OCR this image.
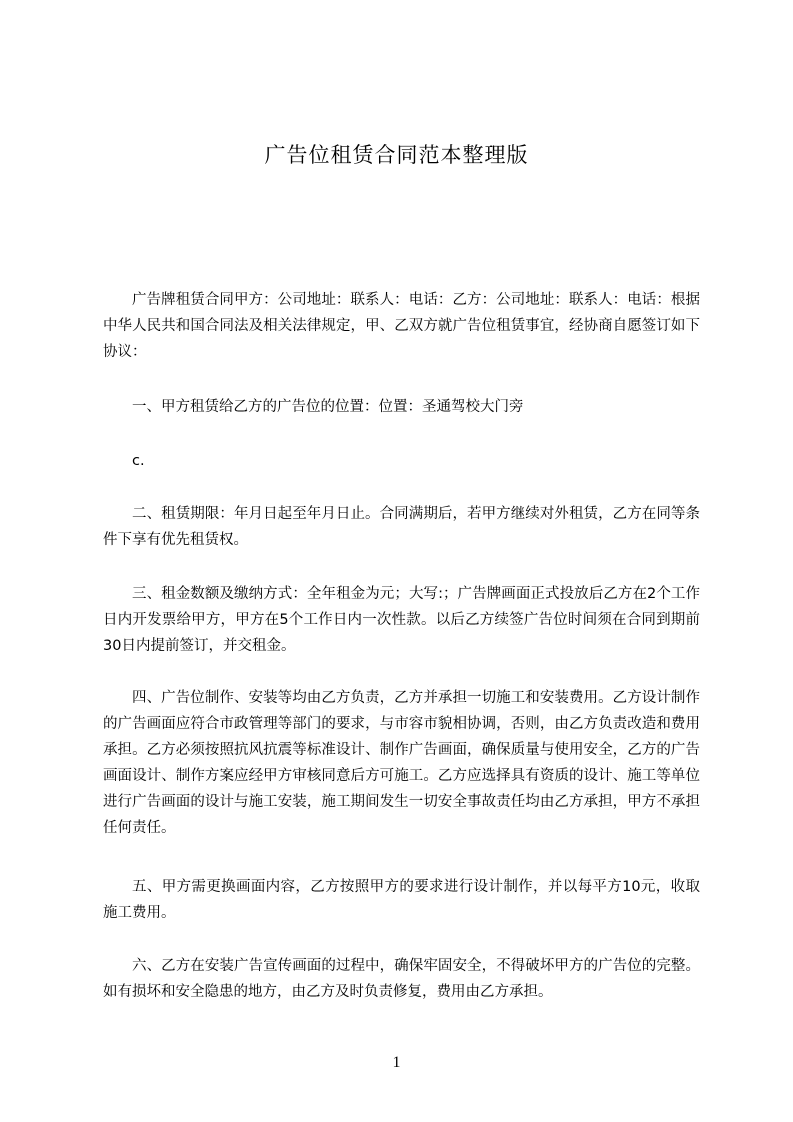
广告位租赁合同范本整理版

广告牌租赁合同甲方：公司地址：联系人：电话：乙方：公司地址：联系人：电话：根据中华人民共和国合同法及相关法律规定，甲、乙双方就广告位租赁事宜，经协商自愿签订如下协议：

一、甲方租赁给乙方的广告位的位置：位置：圣通驾校大门旁

c.

二、租赁期限：年月日起至年月日止。合同满期后，若甲方继续对外租赁，乙方在同等条件下享有优先租赁权。

三、租金数额及缴纳方式：全年租金为元；大写:；广告牌画面正式投放后乙方在2个工作日内开发票给甲方，甲方在5个工作日内一次性款。以后乙方续签广告位时间须在合同到期前30日内提前签订，并交租金。

四、广告位制作、安装等均由乙方负责，乙方并承担一切施工和安装费用。乙方设计制作的广告画面应符合市政管理等部门的要求，与市容市貌相协调，否则，由乙方负责改造和费用承担。乙方必须按照抗风抗震等标准设计、制作广告画面，确保质量与使用安全，乙方的广告画面设计、制作方案应经甲方审核同意后方可施工。乙方应选择具有资质的设计、施工等单位进行广告画面的设计与施工安装，施工期间发生一切安全事故责任均由乙方承担，甲方不承担任何责任。

五、甲方需更换画面内容，乙方按照甲方的要求进行设计制作，并以每平方10元，收取施工费用。

六、乙方在安装广告宣传画面的过程中，确保牢固安全，不得破坏甲方的广告位的完整。如有损坏和安全隐患的地方，由乙方及时负责修复，费用由乙方承担。

1
